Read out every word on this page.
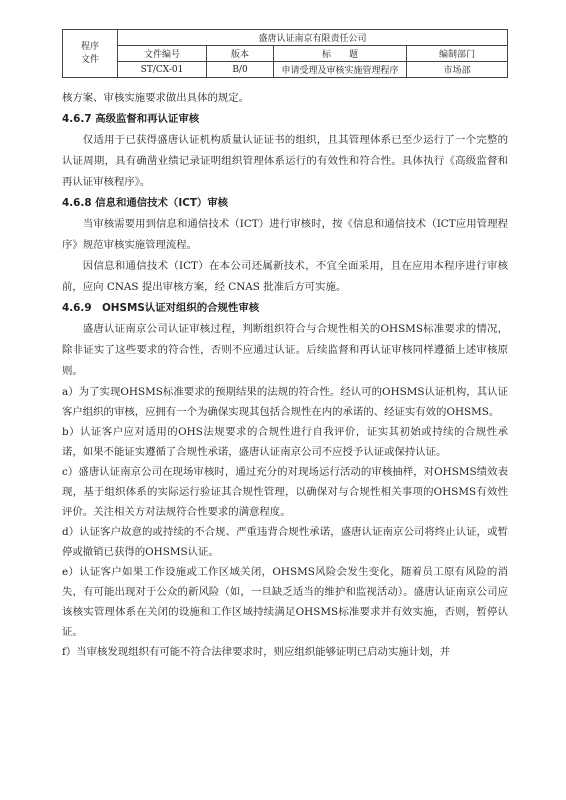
程序
文件	盛唐认证南京有限责任公司			
	文件编号	版本	标　　题	编制部门
	ST/CX-01	B/0	申请受理及审核实施管理程序	市场部

核方案、审核实施要求做出具体的规定。

4.6.7 高级监督和再认证审核

仅适用于已获得盛唐认证机构质量认证证书的组织，且其管理体系已至少运行了一个完整的认证周期，具有确凿业绩记录证明组织管理体系运行的有效性和符合性。具体执行《高级监督和再认证审核程序》。

4.6.8 信息和通信技术（ICT）审核

当审核需要用到信息和通信技术（ICT）进行审核时，按《信息和通信技术（ICT应用管理程序》规范审核实施管理流程。

因信息和通信技术（ICT）在本公司还属新技术，不宜全面采用，且在应用本程序进行审核前，应向 CNAS 提出审核方案，经 CNAS 批准后方可实施。

4.6.9　OHSMS认证对组织的合规性审核

盛唐认证南京公司认证审核过程，判断组织符合与合规性相关的OHSMS标准要求的情况，除非证实了这些要求的符合性，否则不应通过认证。后续监督和再认证审核同样遵循上述审核原则。

a）为了实现OHSMS标准要求的预期结果的法规的符合性。经认可的OHSMS认证机构，其认证客户组织的审核，应拥有一个为确保实现其包括合规性在内的承诺的、经证实有效的OHSMS。

b）认证客户应对适用的OHS法规要求的合规性进行自我评价，证实其初始或持续的合规性承诺，如果不能证实遵循了合规性承诺，盛唐认证南京公司不应授予认证或保持认证。

c）盛唐认证南京公司在现场审核时，通过充分的对现场运行活动的审核抽样，对OHSMS绩效表现，基于组织体系的实际运行验证其合规性管理，以确保对与合规性相关事项的OHSMS有效性评价。关注相关方对法规符合性要求的满意程度。

d）认证客户故意的或持续的不合规、严重违背合规性承诺，盛唐认证南京公司将终止认证，或暂停或撤销已获得的OHSMS认证。

e）认证客户如果工作设施或工作区域关闭，OHSMS风险会发生变化，随着员工原有风险的消失，有可能出现对于公众的新风险（如，一旦缺乏适当的维护和监视活动）。盛唐认证南京公司应该核实管理体系在关闭的设施和工作区域持续满足OHSMS标准要求并有效实施，否则，暂停认证。

f）当审核发现组织有可能不符合法律要求时，则应组织能够证明已启动实施计划，并
